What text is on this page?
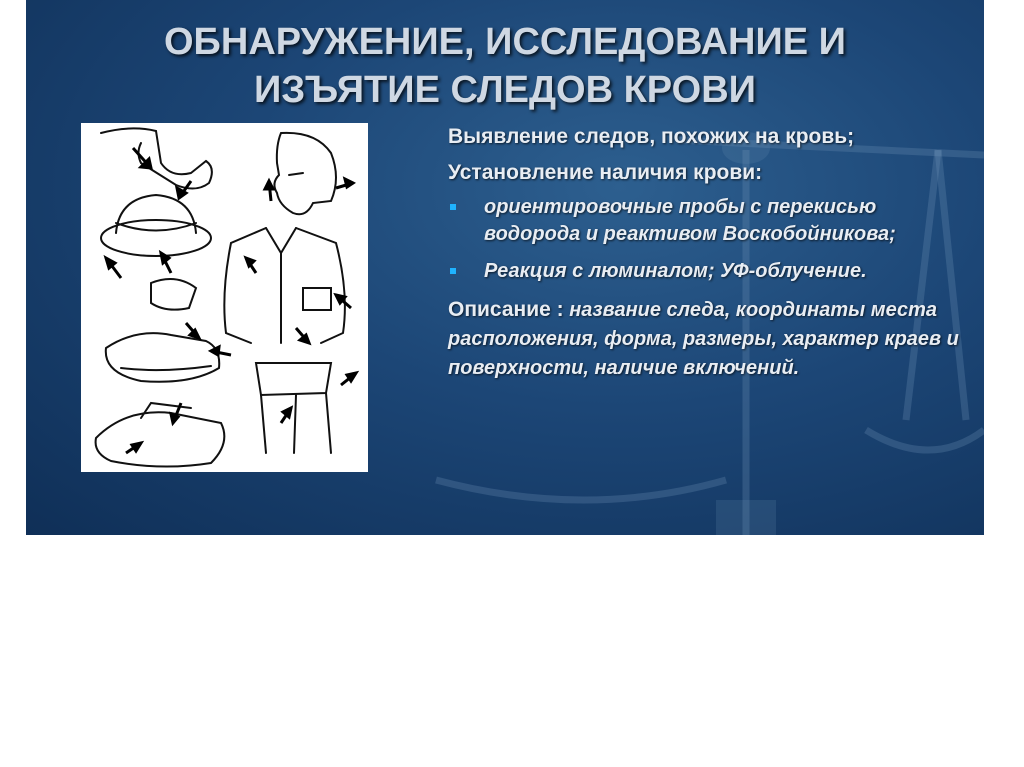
ОБНАРУЖЕНИЕ, ИССЛЕДОВАНИЕ И
ИЗЪЯТИЕ СЛЕДОВ КРОВИ

Выявление следов, похожих на кровь;

Установление наличия крови:

ориентировочные пробы с перекисью водорода и реактивом Воскобойникова;
Реакция с люминалом; УФ-облучение.

Описание : название следа, координаты места расположения, форма, размеры, характер краев и поверхности, наличие включений.
